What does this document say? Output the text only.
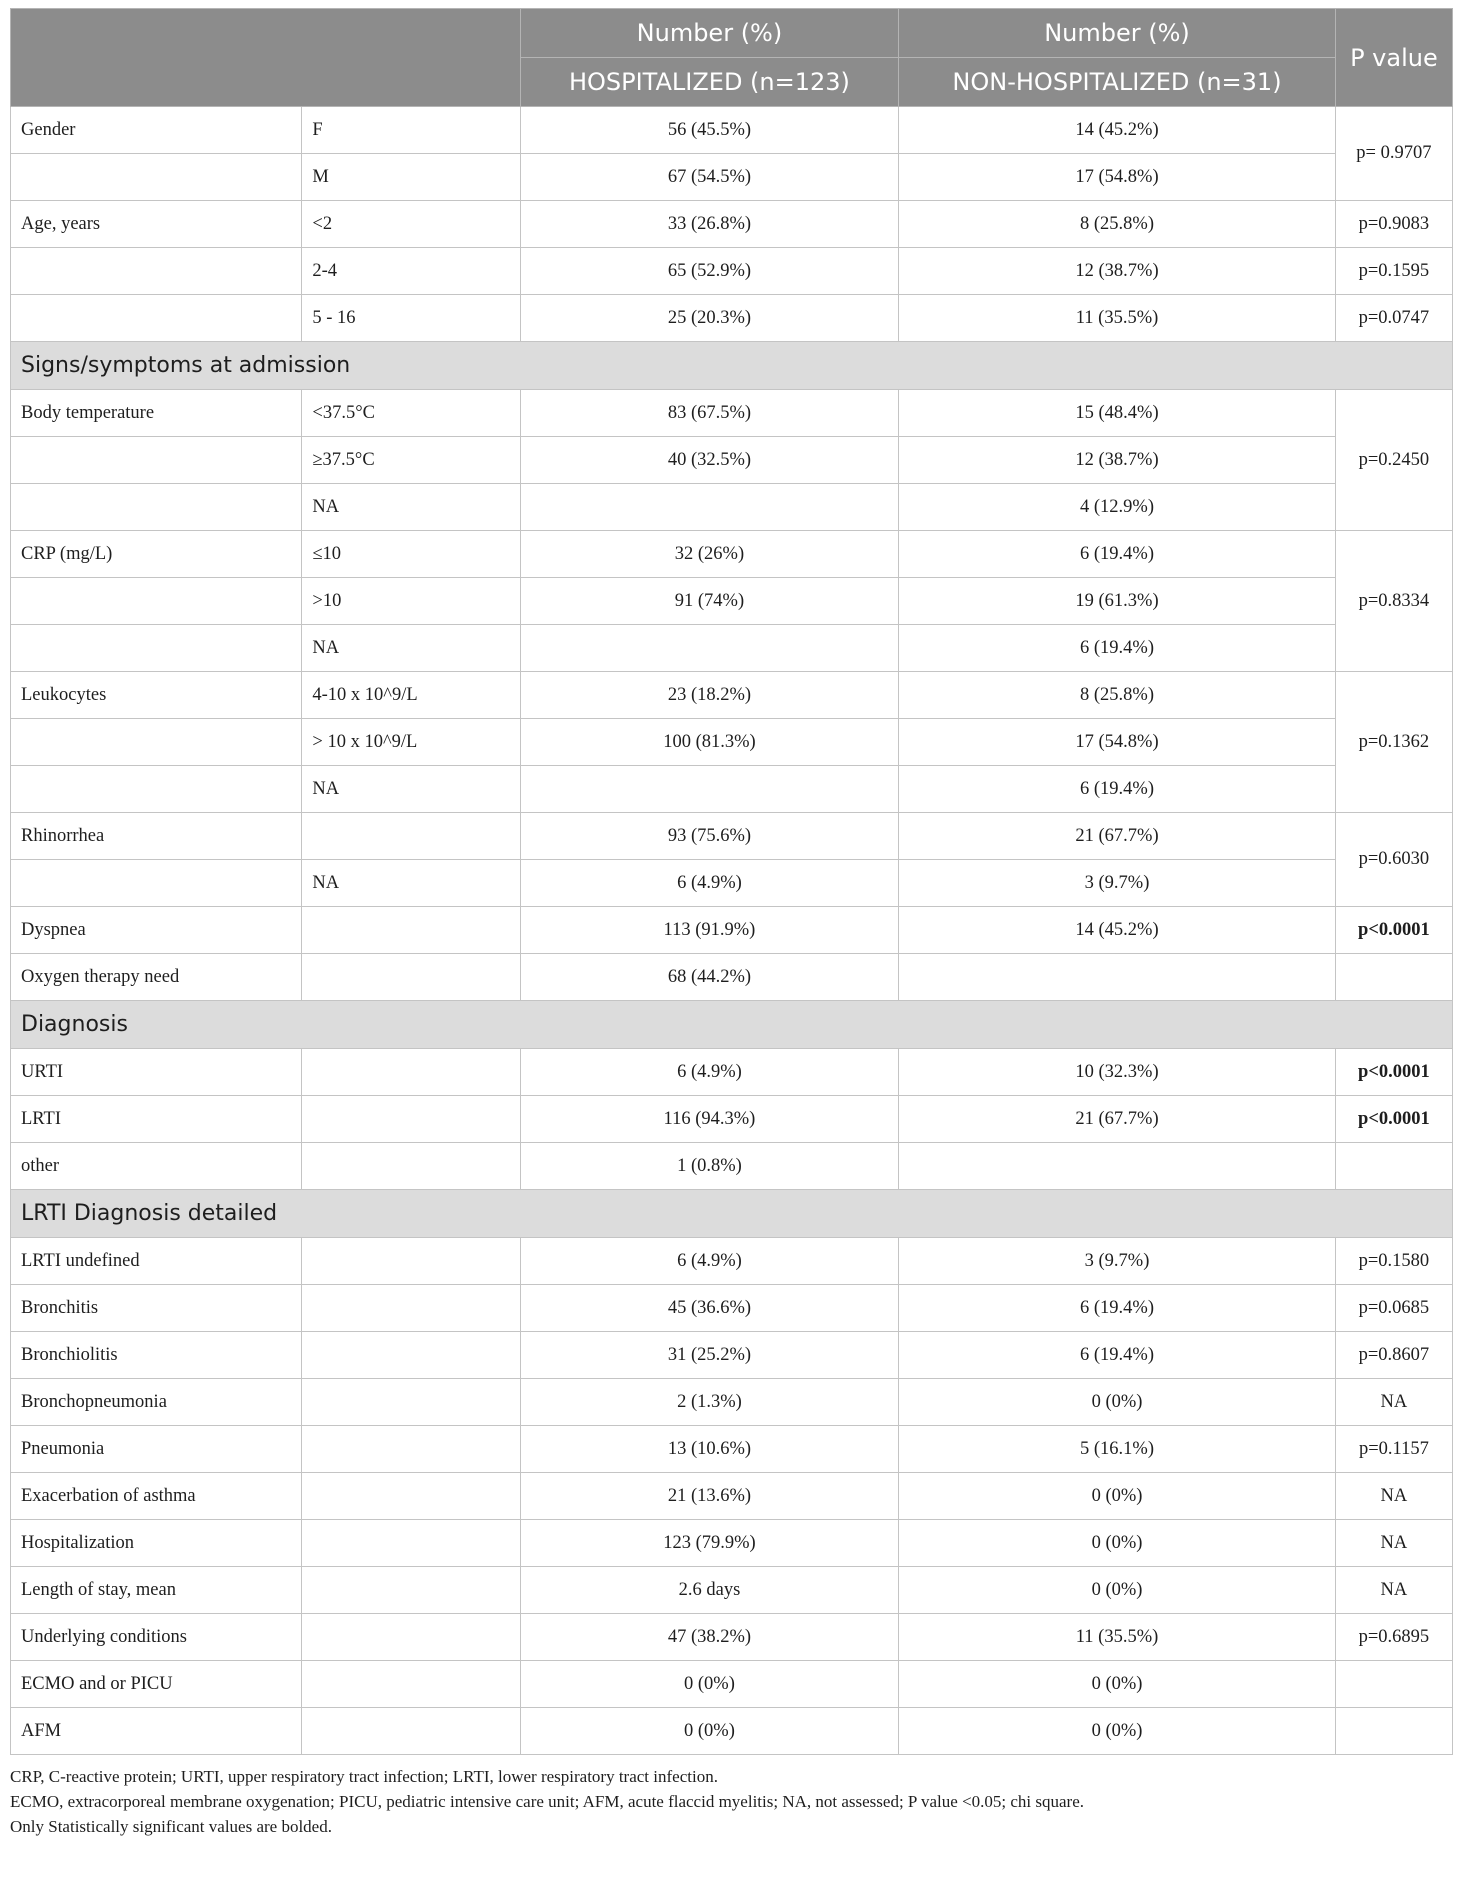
		Number (%)	Number (%)	P value
		HOSPITALIZED (n=123)	NON-HOSPITALIZED (n=31)	
Gender	F	56 (45.5%)	14 (45.2%)	p= 0.9707
	M	67 (54.5%)	17 (54.8%)	
Age, years	<2	33 (26.8%)	8 (25.8%)	p=0.9083
	2-4	65 (52.9%)	12 (38.7%)	p=0.1595
	5 - 16	25 (20.3%)	11 (35.5%)	p=0.0747
Signs/symptoms at admission				
Body temperature	<37.5°C	83 (67.5%)	15 (48.4%)	p=0.2450
	≥37.5°C	40 (32.5%)	12 (38.7%)	
	NA		4 (12.9%)	
CRP (mg/L)	≤10	32 (26%)	6 (19.4%)	p=0.8334
	>10	91 (74%)	19 (61.3%)	
	NA		6 (19.4%)	
Leukocytes	4-10 x 10^9/L	23 (18.2%)	8 (25.8%)	p=0.1362
	> 10 x 10^9/L	100 (81.3%)	17 (54.8%)	
	NA		6 (19.4%)	
Rhinorrhea		93 (75.6%)	21 (67.7%)	p=0.6030
	NA	6 (4.9%)	3 (9.7%)	
Dyspnea		113 (91.9%)	14 (45.2%)	p<0.0001
Oxygen therapy need		68 (44.2%)		
Diagnosis				
URTI		6 (4.9%)	10 (32.3%)	p<0.0001
LRTI		116 (94.3%)	21 (67.7%)	p<0.0001
other		1 (0.8%)		
LRTI Diagnosis detailed				
LRTI undefined		6 (4.9%)	3 (9.7%)	p=0.1580
Bronchitis		45 (36.6%)	6 (19.4%)	p=0.0685
Bronchiolitis		31 (25.2%)	6 (19.4%)	p=0.8607
Bronchopneumonia		2 (1.3%)	0 (0%)	NA
Pneumonia		13 (10.6%)	5 (16.1%)	p=0.1157
Exacerbation of asthma		21 (13.6%)	0 (0%)	NA
Hospitalization		123 (79.9%)	0 (0%)	NA
Length of stay, mean		2.6 days	0 (0%)	NA
Underlying conditions		47 (38.2%)	11 (35.5%)	p=0.6895
ECMO and or PICU		0 (0%)	0 (0%)	
AFM		0 (0%)	0 (0%)	
CRP, C-reactive protein; URTI, upper respiratory tract infection; LRTI, lower respiratory tract infection.
ECMO, extracorporeal membrane oxygenation; PICU, pediatric intensive care unit; AFM, acute flaccid myelitis; NA, not assessed; P value <0.05; chi square.
Only Statistically significant values are bolded.
